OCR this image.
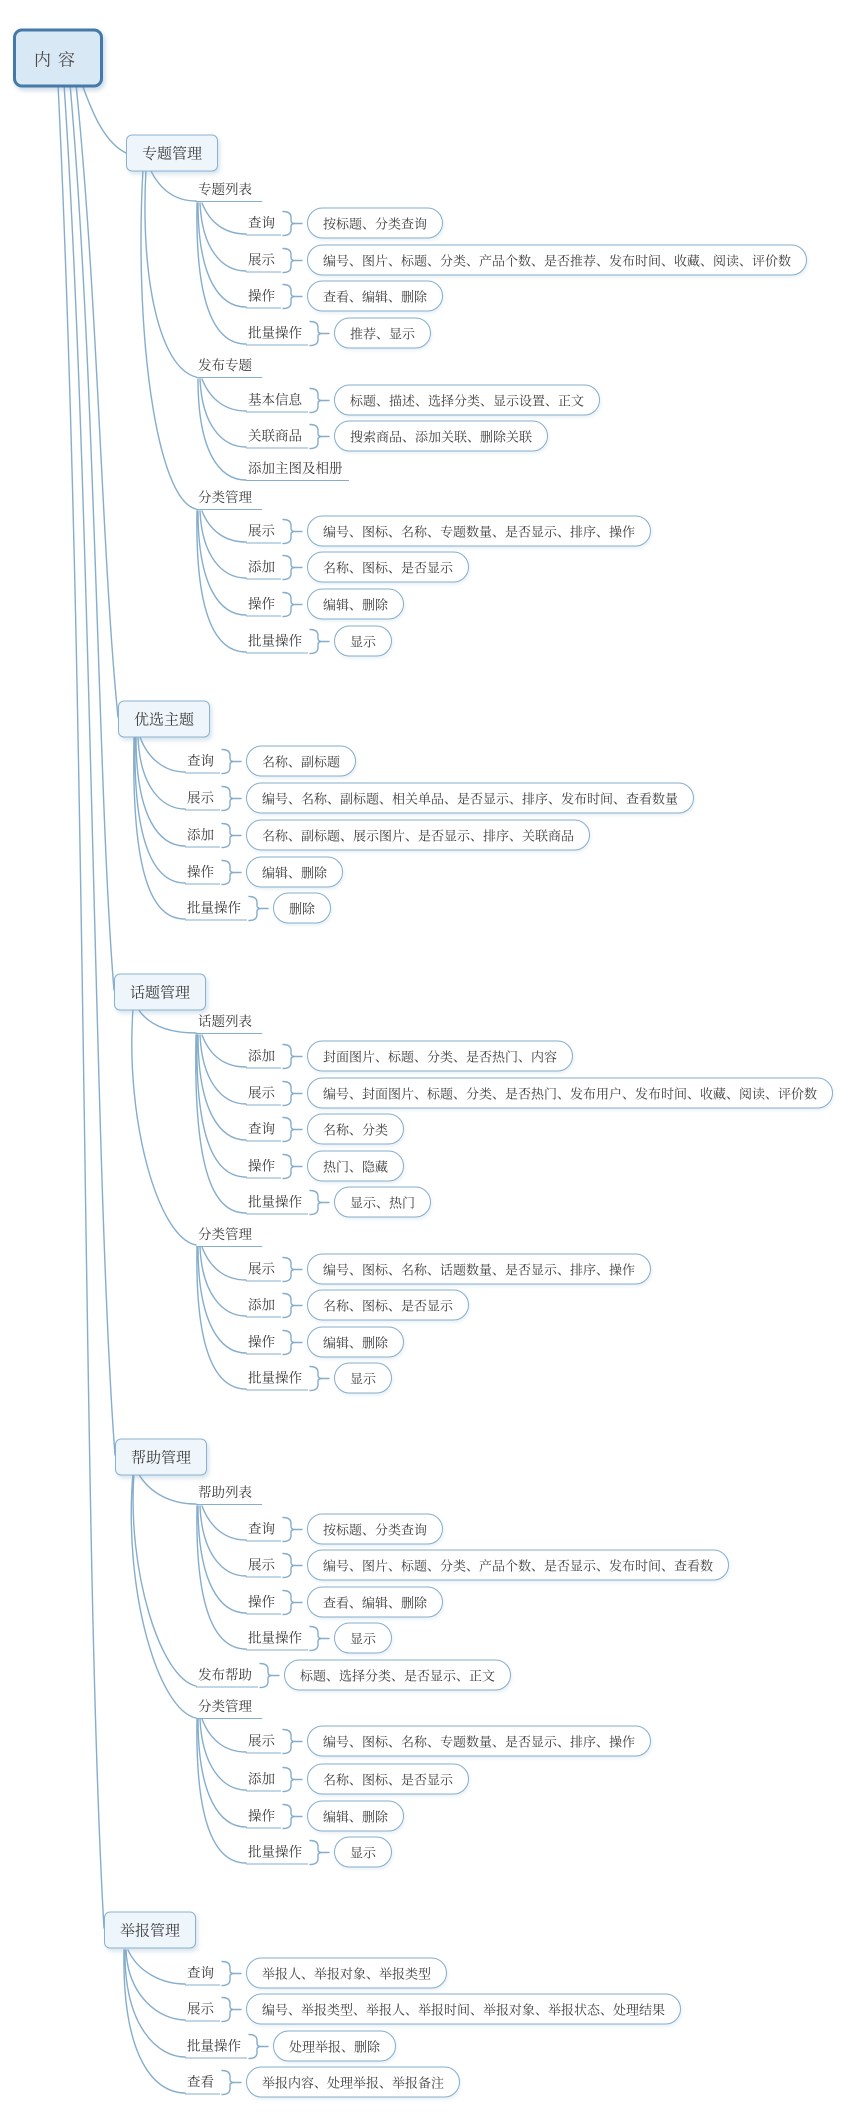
内容
专题管理
优选主题
话题管理
帮助管理
举报管理
专题列表
查询	按标题、分类查询
展示	编号、图片、标题、分类、产品个数、是否推荐、发布时间、收藏、阅读、评价数
操作	查看、编辑、删除
批量操作	推荐、显示
发布专题
基本信息	标题、描述、选择分类、显示设置、正文
关联商品	搜索商品、添加关联、删除关联
添加主图及相册
分类管理
展示	编号、图标、名称、专题数量、是否显示、排序、操作
添加	名称、图标、是否显示
操作	编辑、删除
批量操作	显示
查询	名称、副标题
展示	编号、名称、副标题、相关单品、是否显示、排序、发布时间、查看数量
添加	名称、副标题、展示图片、是否显示、排序、关联商品
操作	编辑、删除
批量操作	删除
话题列表
添加	封面图片、标题、分类、是否热门、内容
展示	编号、封面图片、标题、分类、是否热门、发布用户、发布时间、收藏、阅读、评价数
查询	名称、分类
操作	热门、隐藏
批量操作	显示、热门
分类管理
展示	编号、图标、名称、话题数量、是否显示、排序、操作
添加	名称、图标、是否显示
操作	编辑、删除
批量操作	显示
帮助列表
查询	按标题、分类查询
展示	编号、图片、标题、分类、产品个数、是否显示、发布时间、查看数
操作	查看、编辑、删除
批量操作	显示
发布帮助	标题、选择分类、是否显示、正文
分类管理
展示	编号、图标、名称、专题数量、是否显示、排序、操作
添加	名称、图标、是否显示
操作	编辑、删除
批量操作	显示
查询	举报人、举报对象、举报类型
展示	编号、举报类型、举报人、举报时间、举报对象、举报状态、处理结果
批量操作	处理举报、删除
查看	举报内容、处理举报、举报备注
